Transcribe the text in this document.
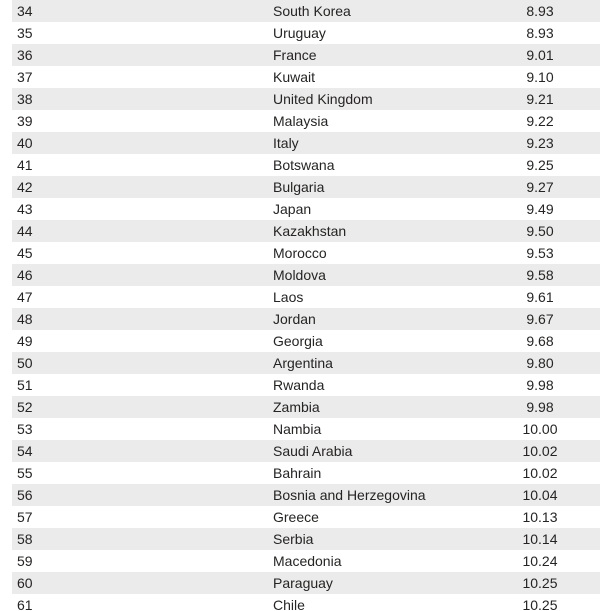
34	South Korea	8.93
35	Uruguay	8.93
36	France	9.01
37	Kuwait	9.10
38	United Kingdom	9.21
39	Malaysia	9.22
40	Italy	9.23
41	Botswana	9.25
42	Bulgaria	9.27
43	Japan	9.49
44	Kazakhstan	9.50
45	Morocco	9.53
46	Moldova	9.58
47	Laos	9.61
48	Jordan	9.67
49	Georgia	9.68
50	Argentina	9.80
51	Rwanda	9.98
52	Zambia	9.98
53	Nambia	10.00
54	Saudi Arabia	10.02
55	Bahrain	10.02
56	Bosnia and Herzegovina	10.04
57	Greece	10.13
58	Serbia	10.14
59	Macedonia	10.24
60	Paraguay	10.25
61	Chile	10.25
